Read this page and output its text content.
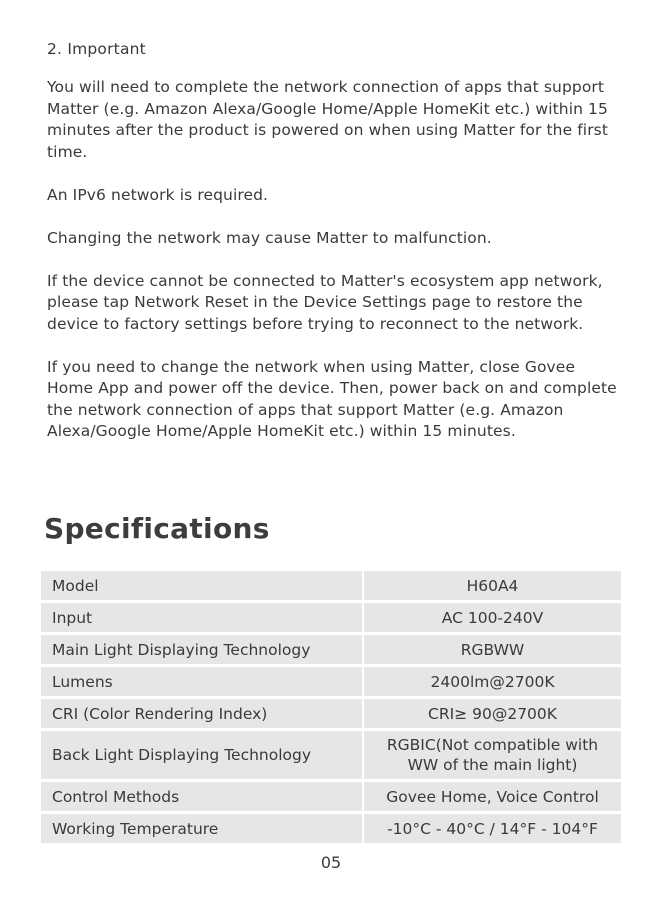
2. Important

You will need to complete the network connection of apps that support Matter (e.g. Amazon Alexa/Google Home/Apple HomeKit etc.) within 15 minutes after the product is powered on when using Matter for the first time.

An IPv6 network is required.

Changing the network may cause Matter to malfunction.

If the device cannot be connected to Matter's ecosystem app network, please tap Network Reset in the Device Settings page to restore the device to factory settings before trying to reconnect to the network.

If you need to change the network when using Matter, close Govee Home App and power off the device. Then, power back on and complete the network connection of apps that support Matter (e.g. Amazon Alexa/Google Home/Apple HomeKit etc.) within 15 minutes.

Specifications
Model	H60A4
Input	AC 100-240V
Main Light Displaying Technology	RGBWW
Lumens	2400lm@2700K
CRI (Color Rendering Index)	CRI≥ 90@2700K
Back Light Displaying Technology	RGBIC(Not compatible with WW of the main light)
Control Methods	Govee Home, Voice Control
Working Temperature	-10°C - 40°C / 14°F - 104°F
05
